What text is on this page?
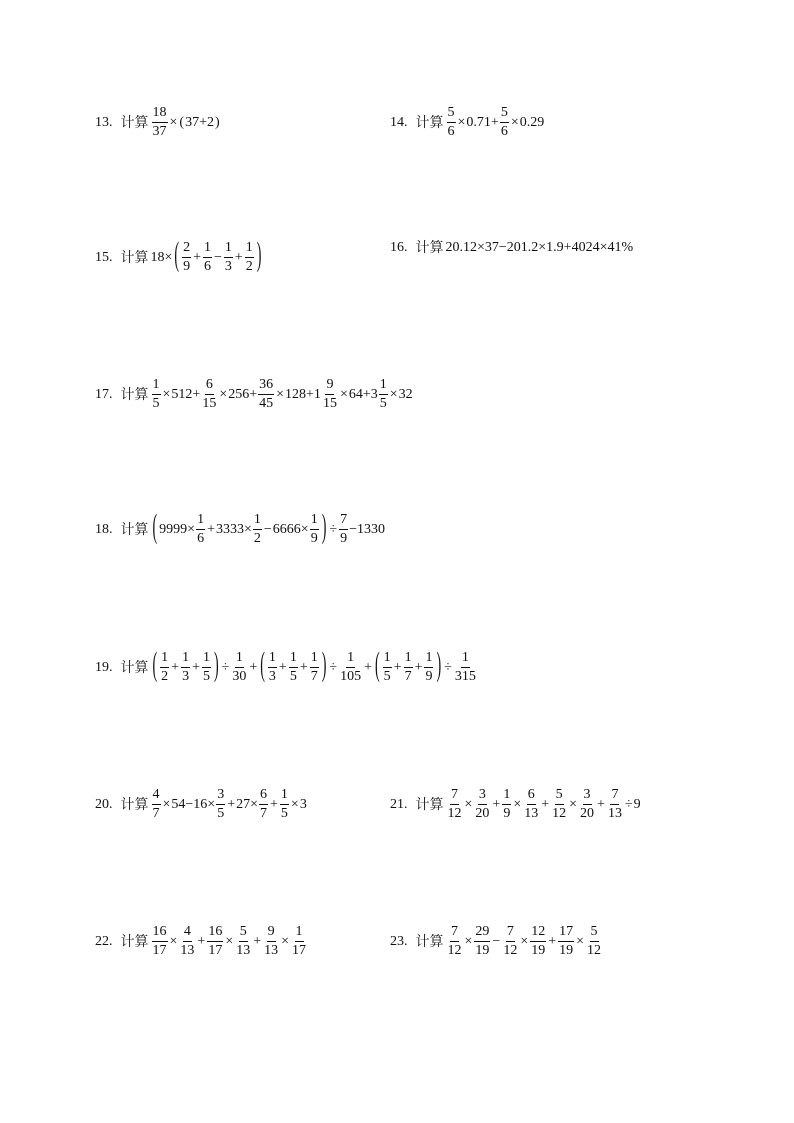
13. 计算 $\frac{18}{37}$ × ( 37+2 )	14. 计算 $\frac{5}{6} \times 0.71+ \frac{5}{6} \times 0.29$
15. 计算 18× ( $\frac{2}{9} + \frac{1}{6} - \frac{1}{3} + \frac{1}{2}$ )	16. 计算 20.12×37−201.2×1.9+4024×41%
17. 计算 $\frac{1}{5} \times 512+ \frac{6}{15} \times 256+ \frac{36}{45} \times 128+1 \frac{9}{15} \times 64+3 \frac{1}{5} \times 32$
18. 计算 ( $9999\times \frac{1}{6} + 3333\times \frac{1}{2} - 6666\times \frac{1}{9}$ ) ÷ $\frac{7}{9} -1330$
19. 计算 ( $\frac{1}{2} + \frac{1}{3} + \frac{1}{5}$ ) ÷ $\frac{1}{30}$ + ( $\frac{1}{3} + \frac{1}{5} + \frac{1}{7}$ ) ÷ $\frac{1}{105}$ + ( $\frac{1}{5} + \frac{1}{7} + \frac{1}{9}$ ) ÷ $\frac{1}{315}$
20. 计算 $\frac{4}{7} \times 54-16\times \frac{3}{5} + 27\times \frac{6}{7} + \frac{1}{5} \times 3$	21. 计算 $\frac{7}{12} \times \frac{3}{20} + \frac{1}{9} \times \frac{6}{13} + \frac{5}{12} \times \frac{3}{20} + \frac{7}{13} \div 9$
22. 计算 $\frac{16}{17} \times \frac{4}{13} + \frac{16}{17} \times \frac{5}{13} + \frac{9}{13} \times \frac{1}{17}$	23. 计算 $\frac{7}{12} \times \frac{29}{19} - \frac{7}{12} \times \frac{12}{19} + \frac{17}{19} \times \frac{5}{12}$
